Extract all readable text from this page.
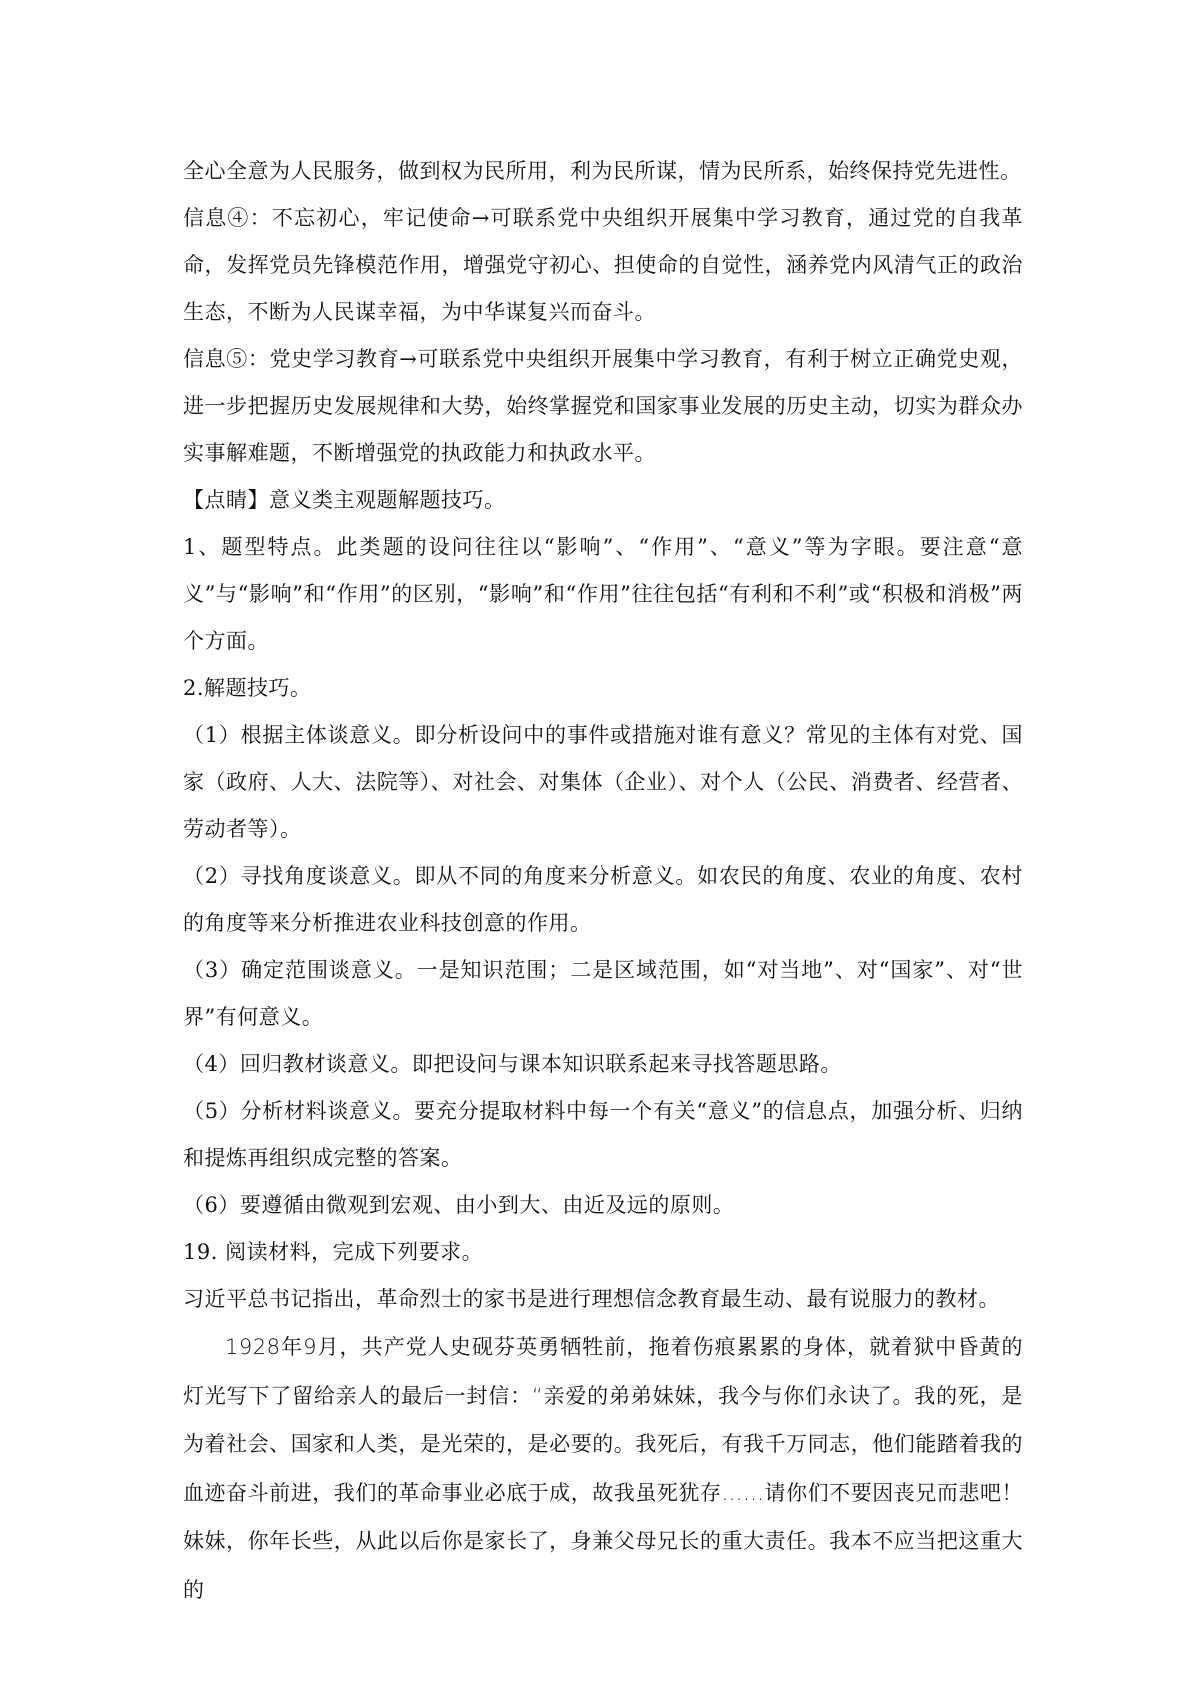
全心全意为人民服务，做到权为民所用，利为民所谋，情为民所系，始终保持党先进性。

信息④：不忘初心，牢记使命→可联系党中央组织开展集中学习教育，通过党的自我革命，发挥党员先锋模范作用，增强党守初心、担使命的自觉性，涵养党内风清气正的政治生态，不断为人民谋幸福，为中华谋复兴而奋斗。

信息⑤：党史学习教育→可联系党中央组织开展集中学习教育，有利于树立正确党史观，进一步把握历史发展规律和大势，始终掌握党和国家事业发展的历史主动，切实为群众办实事解难题，不断增强党的执政能力和执政水平。

【点睛】意义类主观题解题技巧。

1、题型特点。此类题的设问往往以“影响”、“作用”、“意义”等为字眼。要注意“意义”与“影响”和“作用”的区别，“影响”和“作用”往往包括“有利和不利”或“积极和消极”两个方面。

2.解题技巧。

（1）根据主体谈意义。即分析设问中的事件或措施对谁有意义？常见的主体有对党、国家（政府、人大、法院等）、对社会、对集体（企业）、对个人（公民、消费者、经营者、劳动者等）。

（2）寻找角度谈意义。即从不同的角度来分析意义。如农民的角度、农业的角度、农村的角度等来分析推进农业科技创意的作用。

（3）确定范围谈意义。一是知识范围；二是区域范围，如“对当地”、对“国家”、对“世界”有何意义。

（4）回归教材谈意义。即把设问与课本知识联系起来寻找答题思路。

（5）分析材料谈意义。要充分提取材料中每一个有关“意义”的信息点，加强分析、归纳和提炼再组织成完整的答案。

（6）要遵循由微观到宏观、由小到大、由近及远的原则。

19. 阅读材料，完成下列要求。

习近平总书记指出，革命烈士的家书是进行理想信念教育最生动、最有说服力的教材。

1928年9月，共产党人史砚芬英勇牺牲前，拖着伤痕累累的身体，就着狱中昏黄的灯光写下了留给亲人的最后一封信：“亲爱的弟弟妹妹，我今与你们永诀了。我的死，是为着社会、国家和人类，是光荣的，是必要的。我死后，有我千万同志，他们能踏着我的血迹奋斗前进，我们的革命事业必底于成，故我虽死犹存……请你们不要因丧兄而悲吧！妹妹，你年长些，从此以后你是家长了，身兼父母兄长的重大责任。我本不应当把这重大的
